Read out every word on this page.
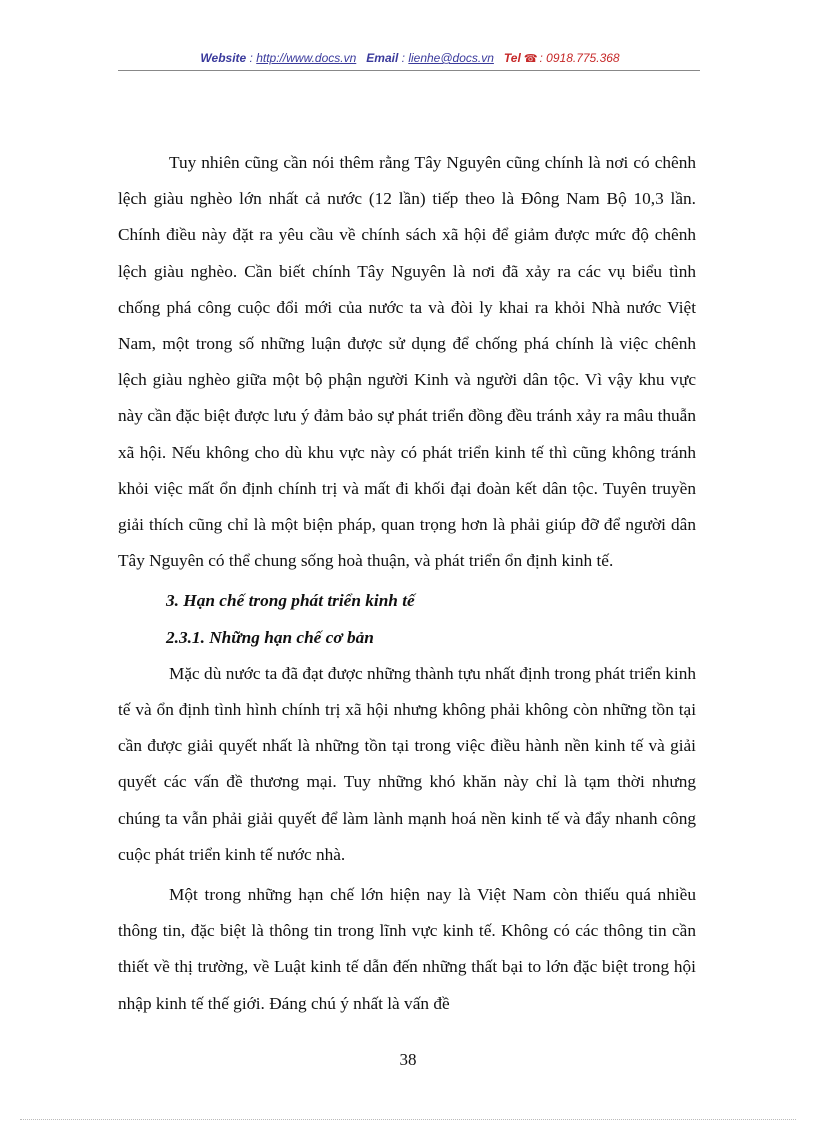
Website : http://www.docs.vn Email : lienhe@docs.vn Tel ☎ : 0918.775.368

Tuy nhiên cũng cần nói thêm rằng Tây Nguyên cũng chính là nơi có chênh lệch giàu nghèo lớn nhất cả nước (12 lần) tiếp theo là Đông Nam Bộ 10,3 lần. Chính điều này đặt ra yêu cầu về chính sách xã hội để giảm được mức độ chênh lệch giàu nghèo. Cần biết chính Tây Nguyên là nơi đã xảy ra các vụ biểu tình chống phá công cuộc đổi mới của nước ta và đòi ly khai ra khỏi Nhà nước Việt Nam, một trong số những luận được sử dụng để chống phá chính là việc chênh lệch giàu nghèo giữa một bộ phận người Kinh và người dân tộc. Vì vậy khu vực này cần đặc biệt được lưu ý đảm bảo sự phát triển đồng đều tránh xảy ra mâu thuẫn xã hội. Nếu không cho dù khu vực này có phát triển kinh tế thì cũng không tránh khỏi việc mất ổn định chính trị và mất đi khối đại đoàn kết dân tộc. Tuyên truyền giải thích cũng chỉ là một biện pháp, quan trọng hơn là phải giúp đỡ để người dân Tây Nguyên có thể chung sống hoà thuận, và phát triển ổn định kinh tế.

3. Hạn chế trong phát triển kinh tế
2.3.1. Những hạn chế cơ bản

Mặc dù nước ta đã đạt được những thành tựu nhất định trong phát triển kinh tế và ổn định tình hình chính trị xã hội nhưng không phải không còn những tồn tại cần được giải quyết nhất là những tồn tại trong việc điều hành nền kinh tế và giải quyết các vấn đề thương mại. Tuy những khó khăn này chỉ là tạm thời nhưng chúng ta vẫn phải giải quyết để làm lành mạnh hoá nền kinh tế và đẩy nhanh công cuộc phát triển kinh tế nước nhà.

Một trong những hạn chế lớn hiện nay là Việt Nam còn thiếu quá nhiều thông tin, đặc biệt là thông tin trong lĩnh vực kinh tế. Không có các thông tin cần thiết về thị trường, về Luật kinh tế dẫn đến những thất bại to lớn đặc biệt trong hội nhập kinh tế thế giới. Đáng chú ý nhất là vấn đề

38
